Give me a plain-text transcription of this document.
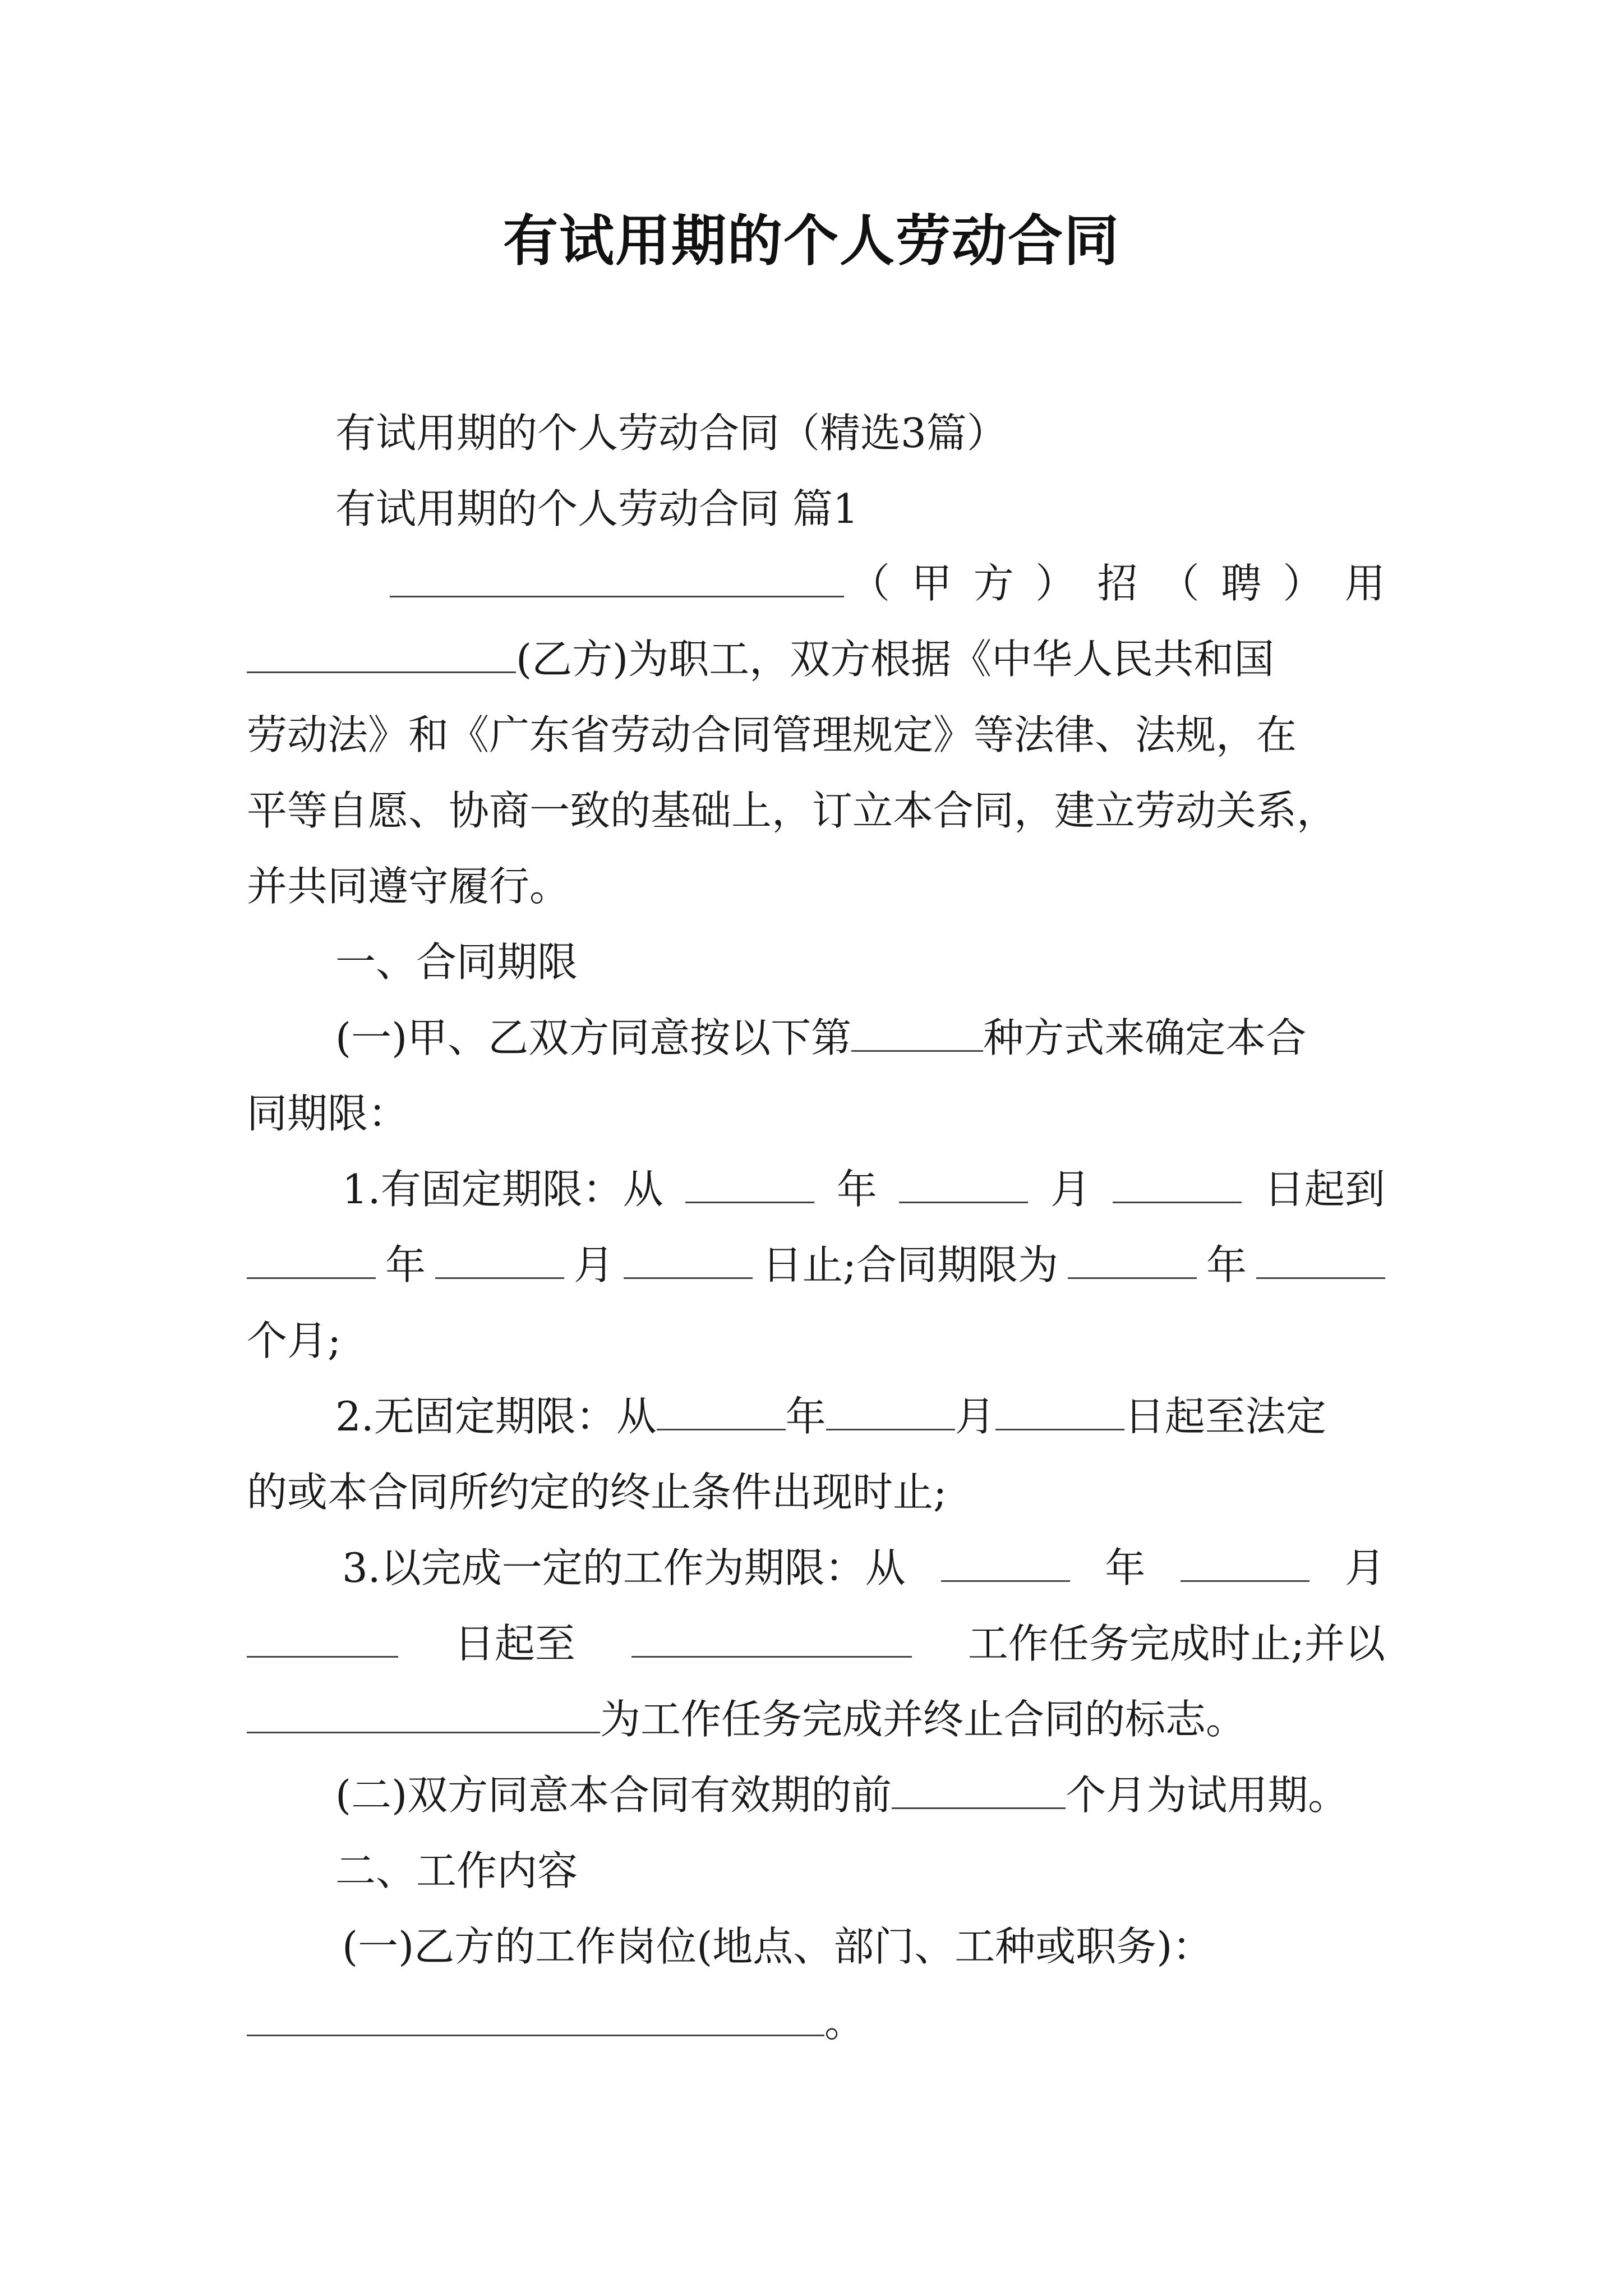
有试用期的个人劳动合同
有试用期的个人劳动合同（精选3篇）
有试用期的个人劳动合同 篇1
（ 甲 方 ） 招 （ 聘 ） 用
(乙方)为职工，双方根据《中华人民共和国
劳动法》和《广东省劳动合同管理规定》等法律、法规，在
平等自愿、协商一致的基础上，订立本合同，建立劳动关系，
并共同遵守履行。
一、合同期限
(一)甲、乙双方同意按以下第	种方式来确定本合
同期限：
1.有固定期限：从	年	月	日起到
年	月	日止;合同期限为	年
个月;
2.无固定期限：从	年	月	日起至法定
的或本合同所约定的终止条件出现时止;
3.以完成一定的工作为期限：从	年	月
日起至	工作任务完成时止;并以
为工作任务完成并终止合同的标志。
(二)双方同意本合同有效期的前	个月为试用期。
二、工作内容
(一)乙方的工作岗位(地点、部门、工种或职务)：
。
